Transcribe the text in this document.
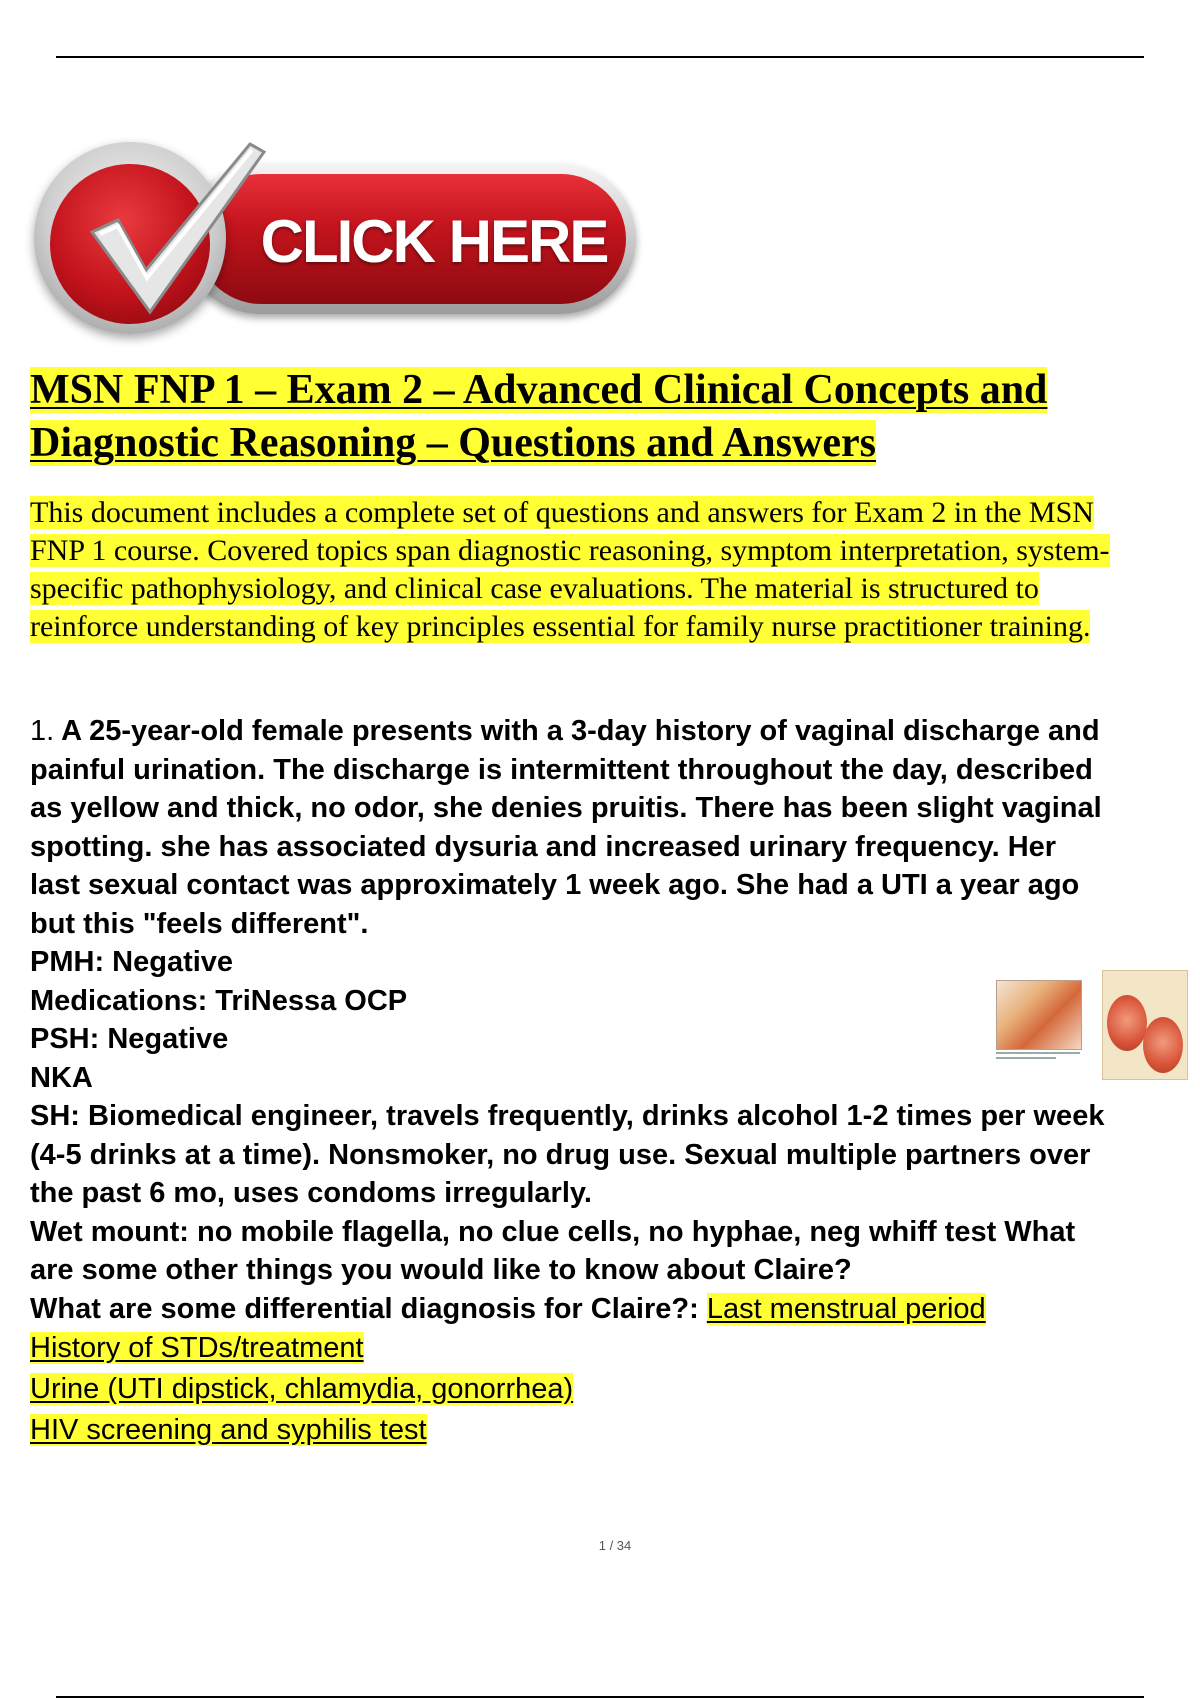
CLICK HERE

MSN FNP 1 – Exam 2 – Advanced Clinical Concepts and

Diagnostic Reasoning – Questions and Answers

This document includes a complete set of questions and answers for Exam 2 in the MSN

FNP 1 course. Covered topics span diagnostic reasoning, symptom interpretation, system-

specific pathophysiology, and clinical case evaluations. The material is structured to

reinforce understanding of key principles essential for family nurse practitioner training.

1. A 25-year-old female presents with a 3-day history of vaginal discharge and

painful urination. The discharge is intermittent throughout the day, described

as yellow and thick, no odor, she denies pruitis. There has been slight vaginal

spotting. she has associated dysuria and increased urinary frequency. Her

last sexual contact was approximately 1 week ago. She had a UTI a year ago

but this "feels different".

PMH: Negative

Medications: TriNessa OCP

PSH: Negative

NKA

SH: Biomedical engineer, travels frequently, drinks alcohol 1-2 times per week

(4-5 drinks at a time). Nonsmoker, no drug use. Sexual multiple partners over

the past 6 mo, uses condoms irregularly.

Wet mount: no mobile flagella, no clue cells, no hyphae, neg whiff test What

are some other things you would like to know about Claire?

What are some differential diagnosis for Claire?: Last menstrual period

History of STDs/treatment

Urine (UTI dipstick, chlamydia, gonorrhea)

HIV screening and syphilis test

1 / 34
